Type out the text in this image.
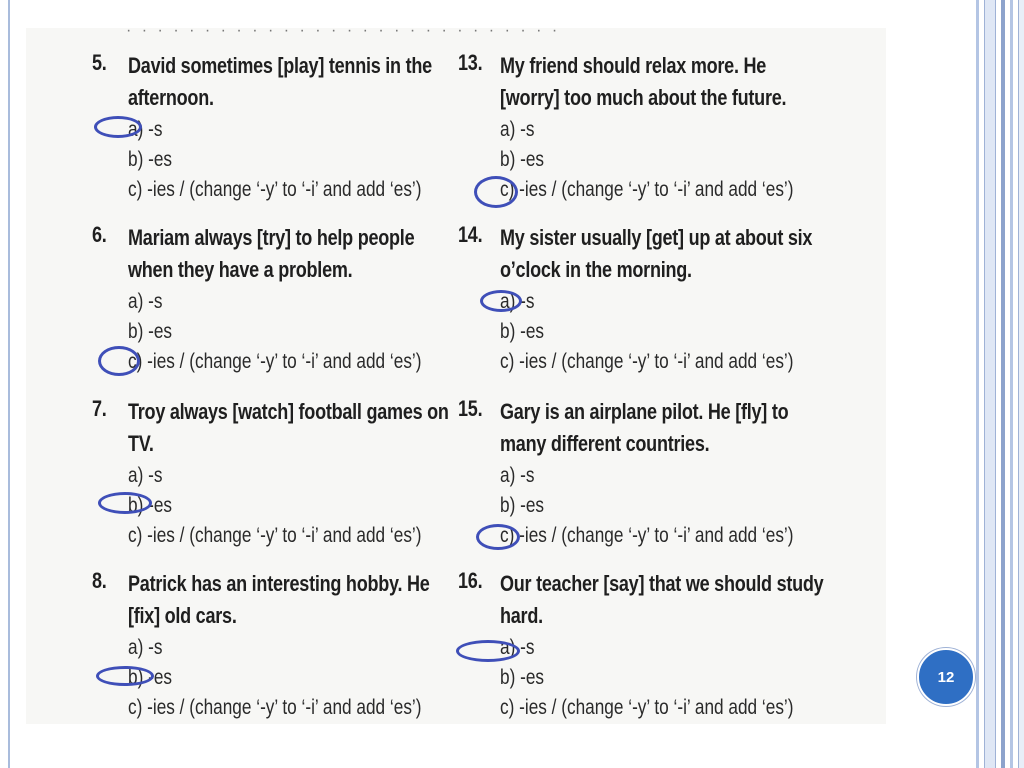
· · · · · · · · · · · · · · · · · · · · · · · · · · · ·
5. David sometimes [play] tennis in the afternoon.
a) -s
b) -es
c) -ies / (change ‘-y’ to ‘-i’ and add ‘es’)
6. Mariam always [try] to help people when they have a problem.
a) -s
b) -es
c) -ies / (change ‘-y’ to ‘-i’ and add ‘es’)
7. Troy always [watch] football games on TV.
a) -s
b) -es
c) -ies / (change ‘-y’ to ‘-i’ and add ‘es’)
8. Patrick has an interesting hobby. He [fix] old cars.
a) -s
b) -es
c) -ies / (change ‘-y’ to ‘-i’ and add ‘es’)
13. My friend should relax more. He [worry] too much about the future.
a) -s
b) -es
c) -ies / (change ‘-y’ to ‘-i’ and add ‘es’)
14. My sister usually [get] up at about six o’clock in the morning.
a) -s
b) -es
c) -ies / (change ‘-y’ to ‘-i’ and add ‘es’)
15. Gary is an airplane pilot. He [fly] to many different countries.
a) -s
b) -es
c) -ies / (change ‘-y’ to ‘-i’ and add ‘es’)
16. Our teacher [say] that we should study hard.
a) -s
b) -es
c) -ies / (change ‘-y’ to ‘-i’ and add ‘es’)
12
